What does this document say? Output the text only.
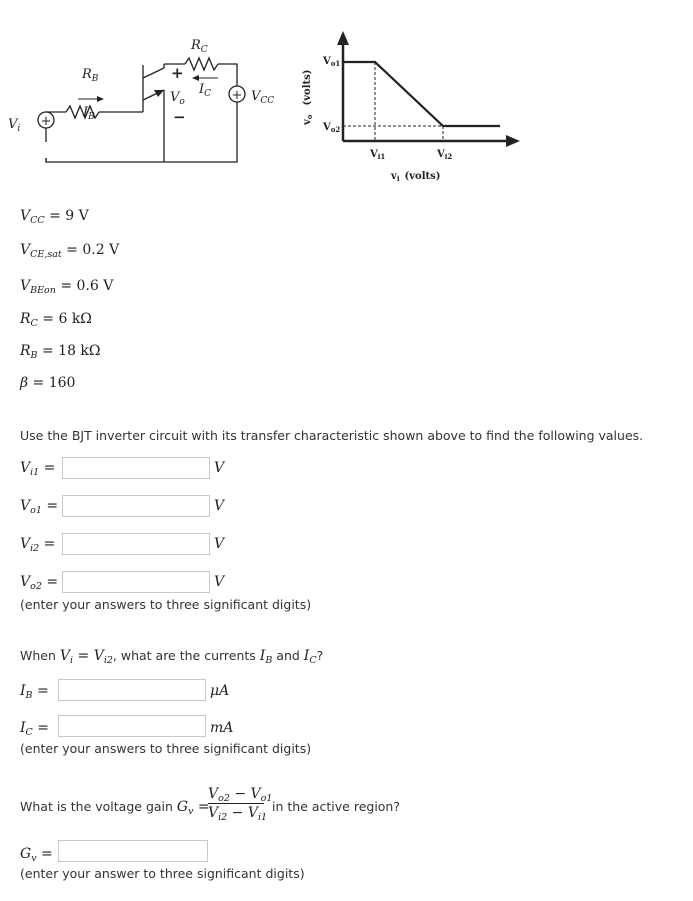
+
+
+
−
$V_i$
$R_B$
$I_B$
$R_C$
$I_C$
$V_o$	$V_{CC}$
$V_{o1}$
$V_{o2}$
$V_{i1}$	$V_{i2}$
$v_i$ (volts)
$v_o(volts)$
$V_{CC} = 9$ V
$V_{CE,sat} = 0.2$ V
$V_{BEon} = 0.6$ V
$R_C = 6$ kΩ
$R_B = 18$ kΩ
β = 160
Use the BJT inverter circuit with its transfer characteristic shown above to find the following values.
$V_{i1}$ =	V
$V_{o1}$ =	V
$V_{i2}$ =	V
$V_{o2}$ =	V
(enter your answers to three significant digits)
When $V_i = V_{i2}$, what are the currents $I_B$ and $I_C$?
$I_B$ =	μA
$I_C$ =	mA
(enter your answers to three significant digits)
What is the voltage gain $G_v$ =
$\frac{V_{o2} - V_{o1}}{V_{i2} - V_{i1}}$ in the active region?
$G_v$ =
(enter your answer to three significant digits)
